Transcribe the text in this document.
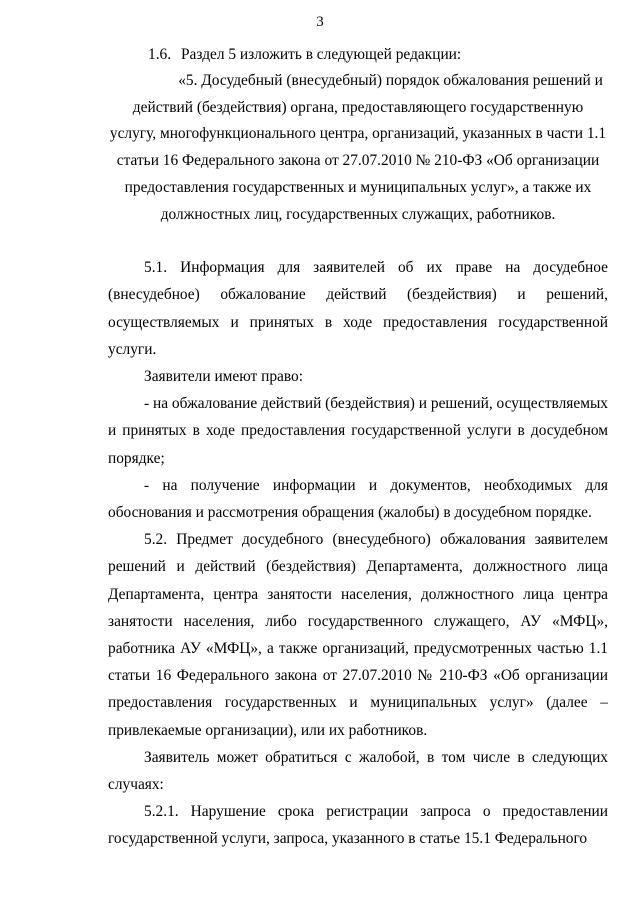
3
1.6. Раздел 5 изложить в следующей редакции:
«5. Досудебный (внесудебный) порядок обжалования решений и
действий (бездействия) органа, предоставляющего государственную услугу, многофункционального центра, организаций, указанных в части 1.1 статьи 16 Федерального закона от 27.07.2010 № 210-ФЗ «Об организации предоставления государственных и муниципальных услуг», а также их должностных лиц, государственных служащих, работников.

5.1. Информация для заявителей об их праве на досудебное (внесудебное) обжалование действий (бездействия) и решений, осуществляемых и принятых в ходе предоставления государственной услуги.

Заявители имеют право:

- на обжалование действий (бездействия) и решений, осуществляемых и принятых в ходе предоставления государственной услуги в досудебном порядке;

- на получение информации и документов, необходимых для обоснования и рассмотрения обращения (жалобы) в досудебном порядке.

5.2. Предмет досудебного (внесудебного) обжалования заявителем решений и действий (бездействия) Департамента, должностного лица Департамента, центра занятости населения, должностного лица центра занятости населения, либо государственного служащего, АУ «МФЦ», работника АУ «МФЦ», а также организаций, предусмотренных частью 1.1 статьи 16 Федерального закона от 27.07.2010 № 210-ФЗ «Об организации предоставления государственных и муниципальных услуг» (далее – привлекаемые организации), или их работников.

Заявитель может обратиться с жалобой, в том числе в следующих случаях:

5.2.1. Нарушение срока регистрации запроса о предоставлении государственной услуги, запроса, указанного в статье 15.1 Федерального
